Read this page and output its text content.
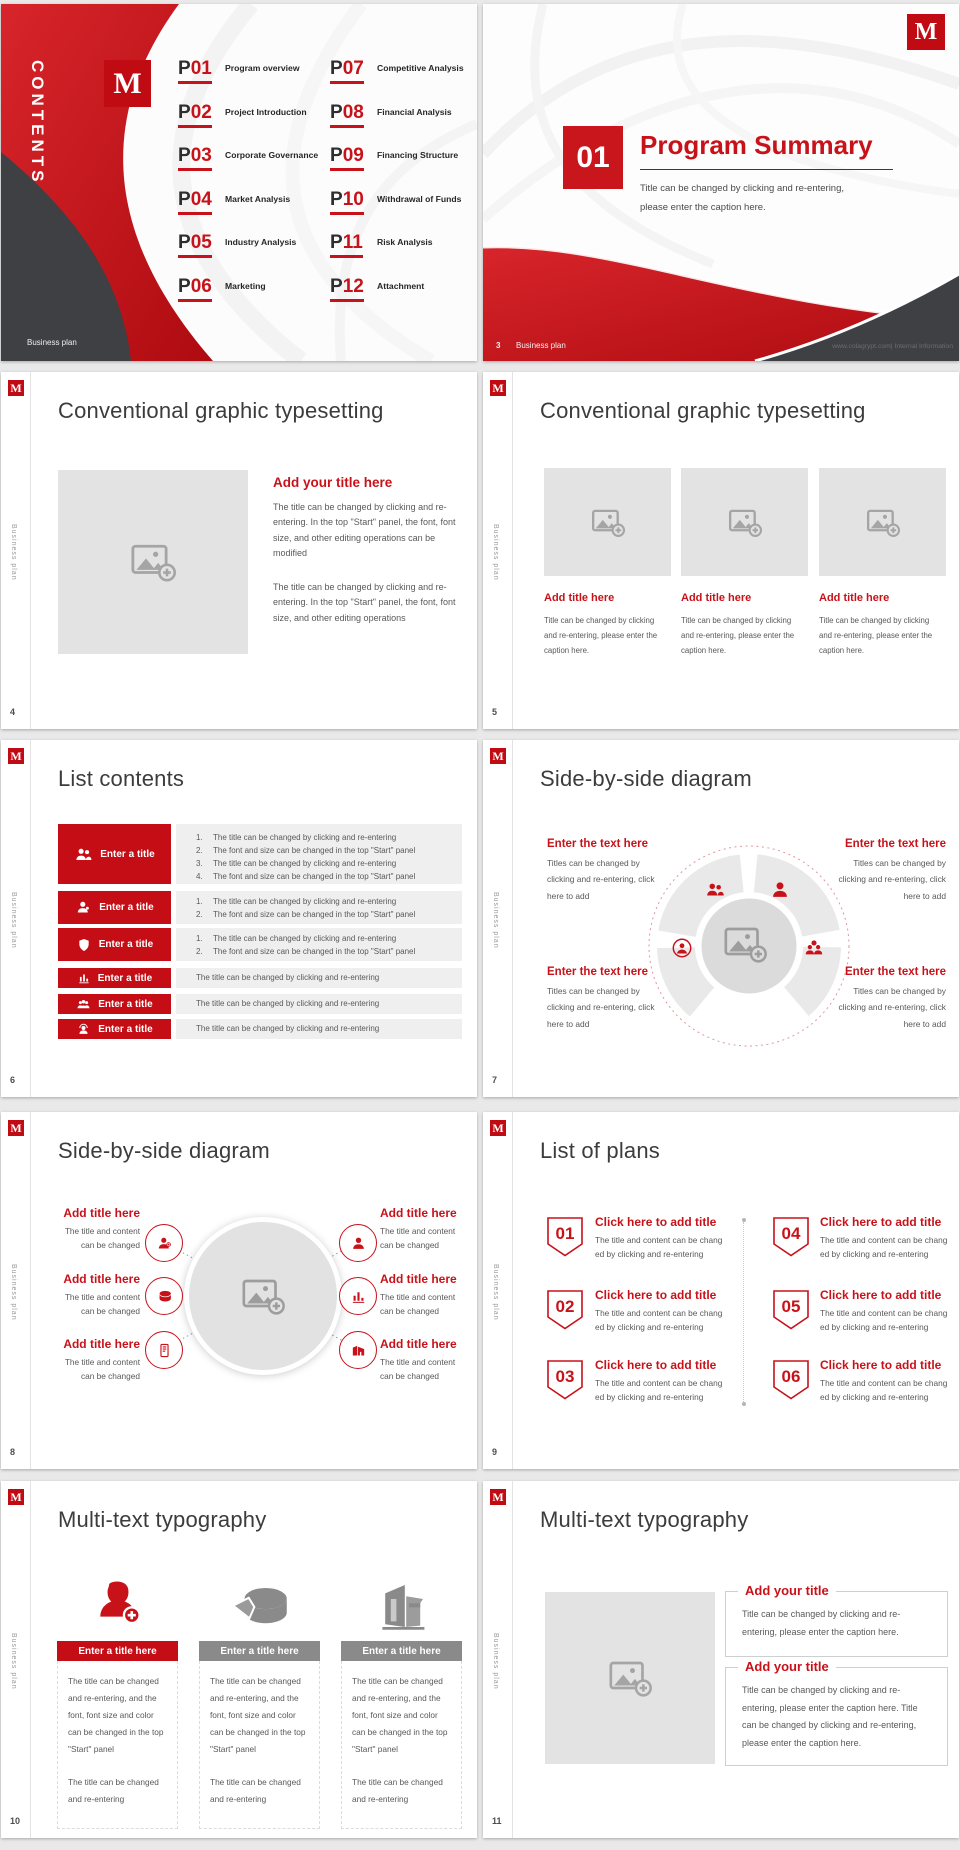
CONTENTS	M	P01 Program overview
P02 Project Introduction
P03 Corporate Governance
P04 Market Analysis
P05 Industry Analysis
P06 Marketing
P07 Competitive Analysis
P08 Financial Analysis
P09 Financing Structure
P10 Withdrawal of Funds
P11 Risk Analysis
P12 Attachment
Business plan
M
01	Program Summary
Title can be changed by clicking and re-entering, please enter the caption here.
3 Business plan	www.colagrypt.com| Internal Information
M
Business plan
Conventional graphic typesetting
Add your title here
The title can be changed by clicking and re-entering. In the top "Start" panel, the font, font size, and other editing operations can be modified
The title can be changed by clicking and re-entering. In the top "Start" panel, the font, font size, and other editing operations
4
M
Business plan
Conventional graphic typesetting
Add title here	Add title here	Add title here
Title can be changed by clicking and re-entering, please enter the caption here.
Title can be changed by clicking and re-entering, please enter the caption here.
Title can be changed by clicking and re-entering, please enter the caption here.
5
M
Business plan
List contents
Enter a title
1.	The title can be changed by clicking and re-entering
2.	The font and size can be changed in the top "Start" panel
3.	The title can be changed by clicking and re-entering
4.	The font and size can be changed in the top "Start" panel
Enter a title
1.	The title can be changed by clicking and re-entering
2.	The font and size can be changed in the top "Start" panel
Enter a title
1.	The title can be changed by clicking and re-entering
2.	The font and size can be changed in the top "Start" panel
Enter a title	The title can be changed by clicking and re-entering
Enter a title	The title can be changed by clicking and re-entering
Enter a title	The title can be changed by clicking and re-entering
6
M
Business plan
Side-by-side diagram
Enter the text here
Titles can be changed by clicking and re-entering, click here to add
Enter the text here
Titles can be changed by clicking and re-entering, click here to add
Enter the text here
Titles can be changed by clicking and re-entering, click here to add
Enter the text here
Titles can be changed by clicking and re-entering, click here to add
7
M
Business plan
Side-by-side diagram
Add title here
The title and content can be changed
Add title here
The title and content can be changed
Add title here
The title and content can be changed
Add title here
The title and content can be changed
Add title here
The title and content can be changed
Add title here
The title and content can be changed
8
M
Business plan
List of plans
01
Click here to add title
The title and content can be chang ed by clicking and re-entering
02
Click here to add title
The title and content can be chang ed by clicking and re-entering
03
Click here to add title
The title and content can be chang ed by clicking and re-entering
04
Click here to add title
The title and content can be chang ed by clicking and re-entering
05
Click here to add title
The title and content can be chang ed by clicking and re-entering
06
Click here to add title
The title and content can be chang ed by clicking and re-entering
9
M
Business plan
Multi-text typography
Enter a title here
The title can be changed and re-entering, and the font, font size and color can be changed in the top "Start" panel
The title can be changed and re-entering
Enter a title here
The title can be changed and re-entering, and the font, font size and color can be changed in the top "Start" panel
The title can be changed and re-entering
Enter a title here
The title can be changed and re-entering, and the font, font size and color can be changed in the top "Start" panel
The title can be changed and re-entering
10
M
Business plan
Multi-text typography
Add your title
Title can be changed by clicking and re-entering, please enter the caption here.
Add your title
Title can be changed by clicking and re-entering, please enter the caption here. Title can be changed by clicking and re-entering, please enter the caption here.
11
